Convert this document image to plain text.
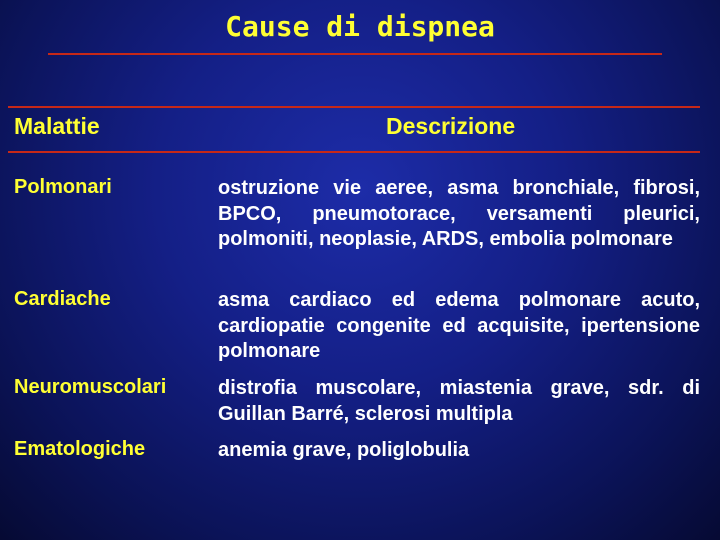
Cause di dispnea
Malattie	Descrizione
Polmonari	ostruzione vie aeree, asma bronchiale, fibrosi, BPCO, pneumotorace, versamenti pleurici, polmoniti, neoplasie, ARDS, embolia polmonare
Cardiache	asma cardiaco ed edema polmonare acuto, cardiopatie congenite ed acquisite, ipertensione polmonare
Neuromuscolari	distrofia muscolare, miastenia grave, sdr. di Guillan Barré, sclerosi multipla
Ematologiche	anemia grave, poliglobulia
